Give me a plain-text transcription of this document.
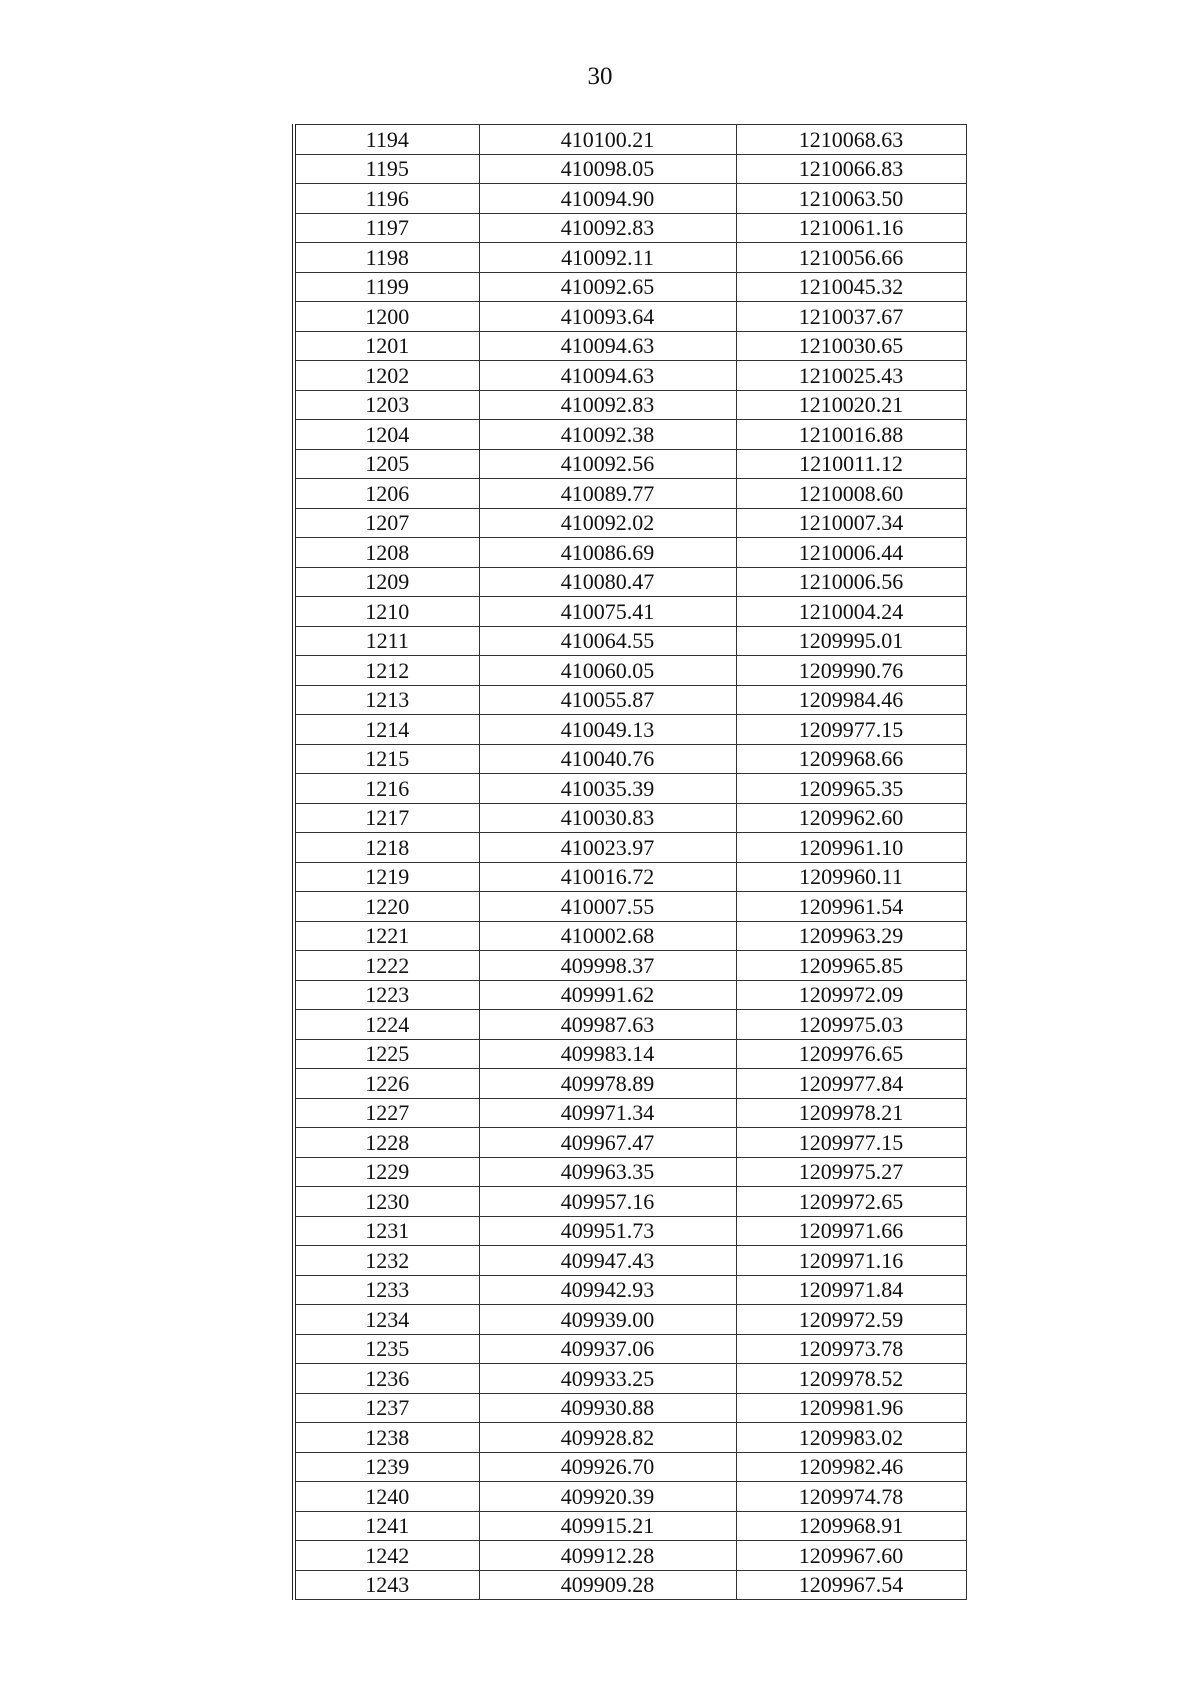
30
1194	410100.21	1210068.63
1195	410098.05	1210066.83
1196	410094.90	1210063.50
1197	410092.83	1210061.16
1198	410092.11	1210056.66
1199	410092.65	1210045.32
1200	410093.64	1210037.67
1201	410094.63	1210030.65
1202	410094.63	1210025.43
1203	410092.83	1210020.21
1204	410092.38	1210016.88
1205	410092.56	1210011.12
1206	410089.77	1210008.60
1207	410092.02	1210007.34
1208	410086.69	1210006.44
1209	410080.47	1210006.56
1210	410075.41	1210004.24
1211	410064.55	1209995.01
1212	410060.05	1209990.76
1213	410055.87	1209984.46
1214	410049.13	1209977.15
1215	410040.76	1209968.66
1216	410035.39	1209965.35
1217	410030.83	1209962.60
1218	410023.97	1209961.10
1219	410016.72	1209960.11
1220	410007.55	1209961.54
1221	410002.68	1209963.29
1222	409998.37	1209965.85
1223	409991.62	1209972.09
1224	409987.63	1209975.03
1225	409983.14	1209976.65
1226	409978.89	1209977.84
1227	409971.34	1209978.21
1228	409967.47	1209977.15
1229	409963.35	1209975.27
1230	409957.16	1209972.65
1231	409951.73	1209971.66
1232	409947.43	1209971.16
1233	409942.93	1209971.84
1234	409939.00	1209972.59
1235	409937.06	1209973.78
1236	409933.25	1209978.52
1237	409930.88	1209981.96
1238	409928.82	1209983.02
1239	409926.70	1209982.46
1240	409920.39	1209974.78
1241	409915.21	1209968.91
1242	409912.28	1209967.60
1243	409909.28	1209967.54
